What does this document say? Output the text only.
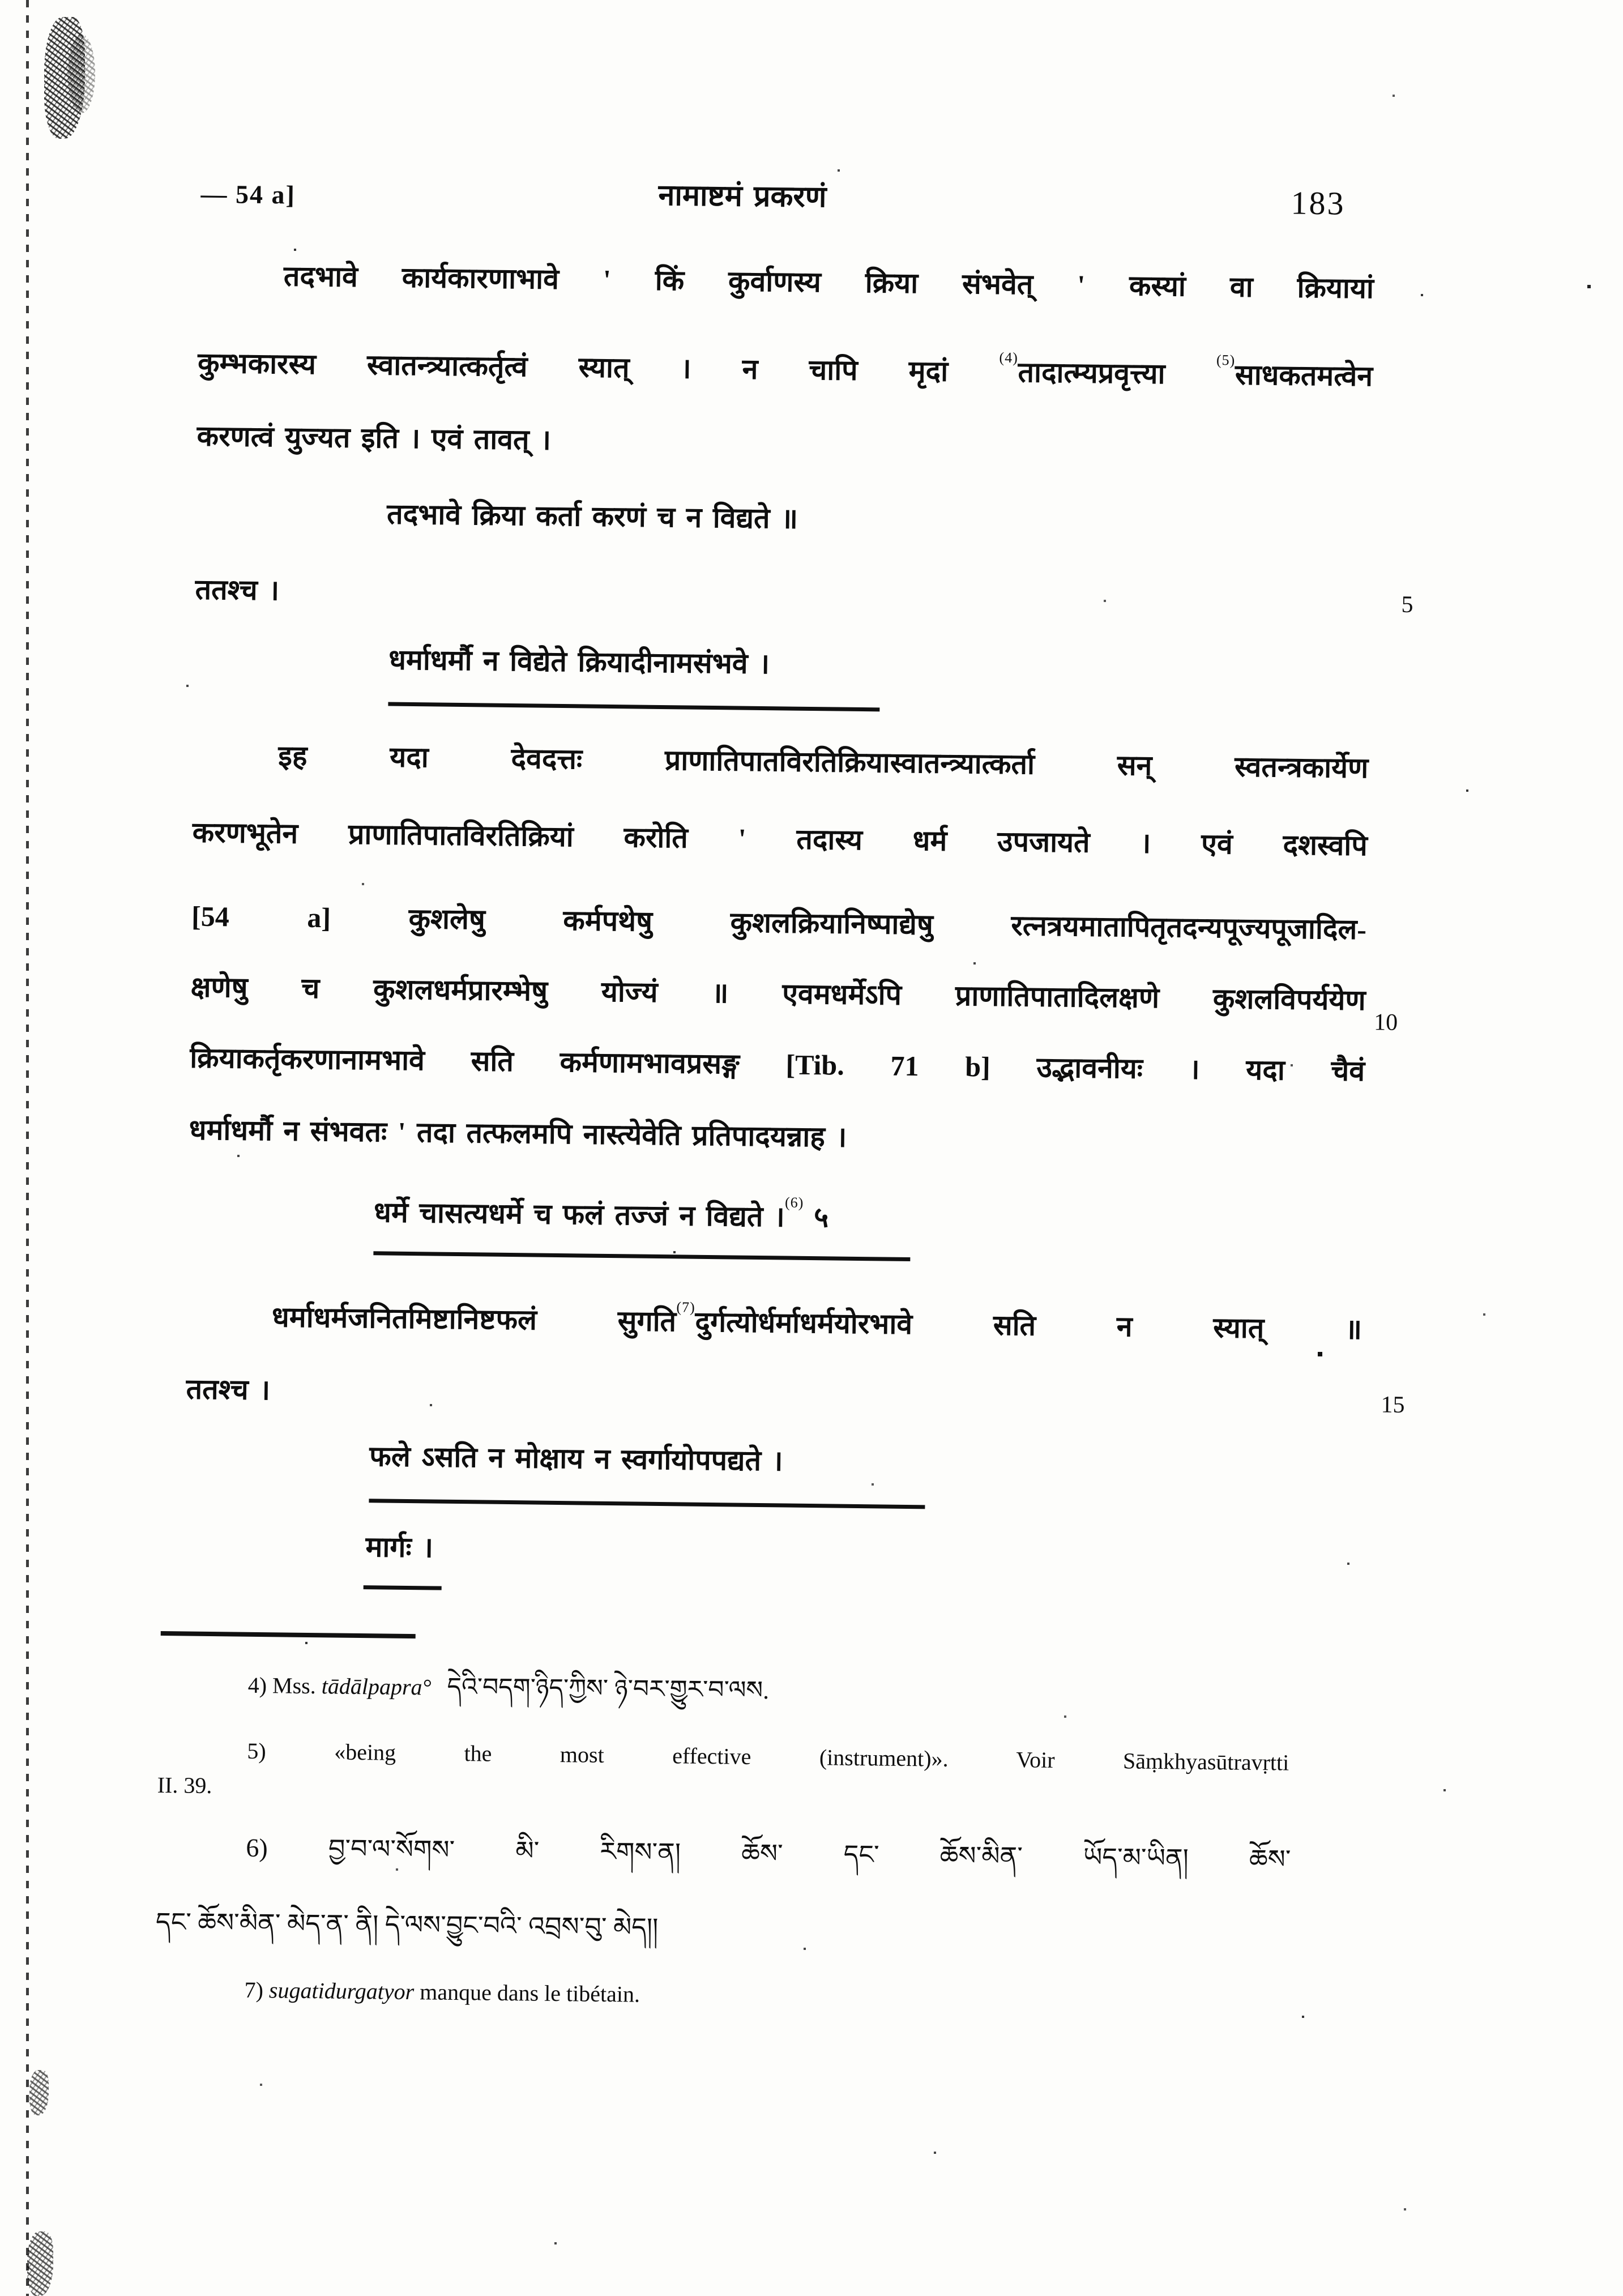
— 54 a]	नामाष्टमं प्रकरणं	183
तदभावे कार्यकारणाभावे ' किं कुर्वाणस्य क्रिया संभवेत् ' कस्यां वा क्रियायां
कुम्भकारस्य स्वातन्त्र्यात्कर्तृत्वं स्यात् । न चापि मृदां $^{(4)}$तादात्म्यप्रवृत्त्या $^{(5)}$साधकतमत्वेन
करणत्वं युज्यत इति । एवं तावत् ।
तदभावे क्रिया कर्ता करणं च न विद्यते ॥
ततश्च ।	5
धर्माधर्मौ न विद्येते क्रियादीनामसंभवे ।
इह यदा देवदत्तः प्राणातिपातविरतिक्रियास्वातन्त्र्यात्कर्ता सन् स्वतन्त्रकार्येण
करणभूतेन प्राणातिपातविरतिक्रियां करोति ' तदास्य धर्म उपजायते । एवं दशस्वपि
[54 a] कुशलेषु कर्मपथेषु कुशलक्रियानिष्पाद्येषु रत्नत्रयमातापितृतदन्यपूज्यपूजादिल-
क्षणेषु च कुशलधर्मप्रारम्भेषु योज्यं ॥ एवमधर्मेऽपि प्राणातिपातादिलक्षणे कुशलविपर्ययेण
10
क्रियाकर्तृकरणानामभावे सति कर्मणामभावप्रसङ्ग [Tib. 71 b] उद्भावनीयः । यदा चैवं
धर्माधर्मौ न संभवतः ' तदा तत्फलमपि नास्त्येवेति प्रतिपादयन्नाह ।
धर्मे चासत्यधर्मे च फलं तज्जं न विद्यते ।$^{(6)}$ ५
धर्माधर्मजनितमिष्टानिष्टफलं सुगति$^{(7)}$दुर्गत्योर्धर्माधर्मयोरभावे सति न स्यात् ॥
ततश्च ।	15
फले ऽसति न मोक्षाय न स्वर्गायोपपद्यते ।
मार्गः ।
4) Mss. tādālpapra° དེའི་བདག་ཉིད་ཀྱིས་ ཉེ་བར་གྱུར་བ་ལས.
5) «being the most effective (instrument)». Voir Sāṃkhyasūtravṛtti
II. 39.
6) བྱ་བ་ལ་སོགས་ མི་ རིགས་ན། ཆོས་ དང་ ཆོས་མིན་ ཡོད་མ་ཡིན། ཆོས་
དང་ ཆོས་མིན་ མེད་ན་ ནི། དེ་ལས་བྱུང་བའི་ འབྲས་བུ་ མེད།།
7) sugatidurgatyor manque dans le tibétain.
